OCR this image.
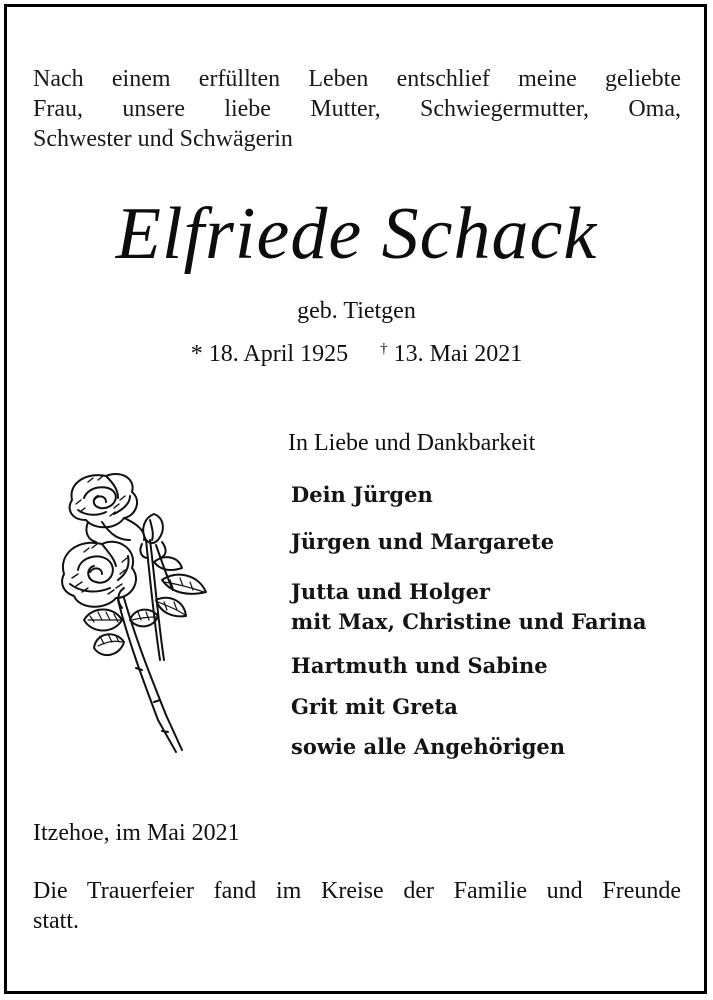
Nach einem erfüllten Leben entschlief meine geliebte
Frau, unsere liebe Mutter, Schwiegermutter, Oma,
Schwester und Schwägerin
Elfriede Schack
geb. Tietgen
* 18. April 1925 † 13. Mai 2021
In Liebe und Dankbarkeit
Dein Jürgen
Jürgen und Margarete
Jutta und Holger
mit Max, Christine und Farina
Hartmuth und Sabine
Grit mit Greta
sowie alle Angehörigen
Itzehoe, im Mai 2021
Die Trauerfeier fand im Kreise der Familie und Freunde
statt.
